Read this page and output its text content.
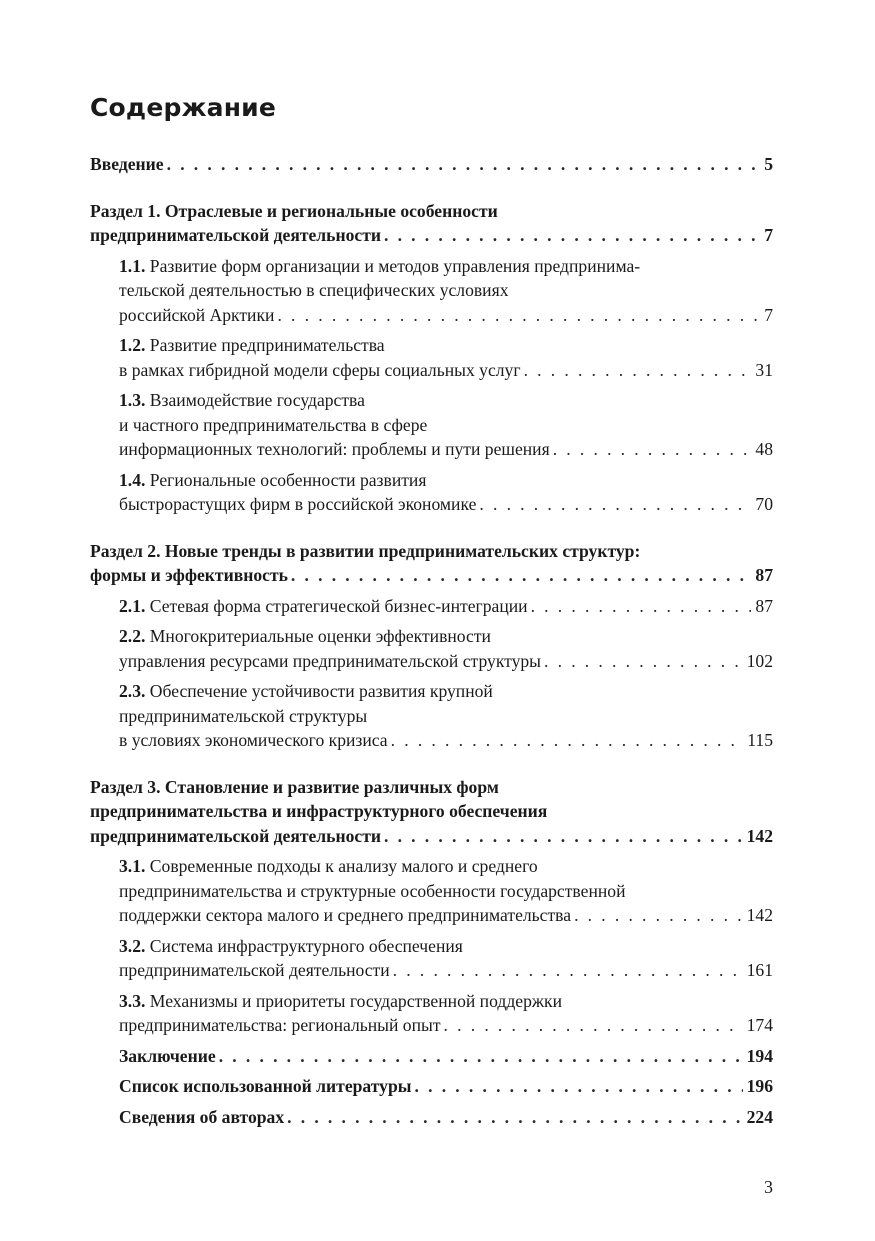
Содержание
Введение . . .	5
Раздел 1. Отраслевые и региональные особенности
предпринимательской деятельности . . .	7
1.1. Развитие форм организации и методов управления предпринима-
тельской деятельностью в специфических условиях
российской Арктики . . .	7
1.2. Развитие предпринимательства
в рамках гибридной модели сферы социальных услуг . . .	31
1.3. Взаимодействие государства
и частного предпринимательства в сфере
информационных технологий: проблемы и пути решения . . .	48
1.4. Региональные особенности развития
быстрорастущих фирм в российской экономике . . .	70
Раздел 2. Новые тренды в развитии предпринимательских структур:
формы и эффективность . . .	87
2.1. Сетевая форма стратегической бизнес-интеграции . . .	87
2.2. Многокритериальные оценки эффективности
управления ресурсами предпринимательской структуры . . .	102
2.3. Обеспечение устойчивости развития крупной
предпринимательской структуры
в условиях экономического кризиса . . .	115
Раздел 3. Становление и развитие различных форм
предпринимательства и инфраструктурного обеспечения
предпринимательской деятельности . . .	142
3.1. Современные подходы к анализу малого и среднего
предпринимательства и структурные особенности государственной
поддержки сектора малого и среднего предпринимательства . . .	142
3.2. Система инфраструктурного обеспечения
предпринимательской деятельности . . .	161
3.3. Механизмы и приоритеты государственной поддержки
предпринимательства: региональный опыт . . .	174
Заключение . . .	194
Список использованной литературы . . .	196
Сведения об авторах . . .	224
3
